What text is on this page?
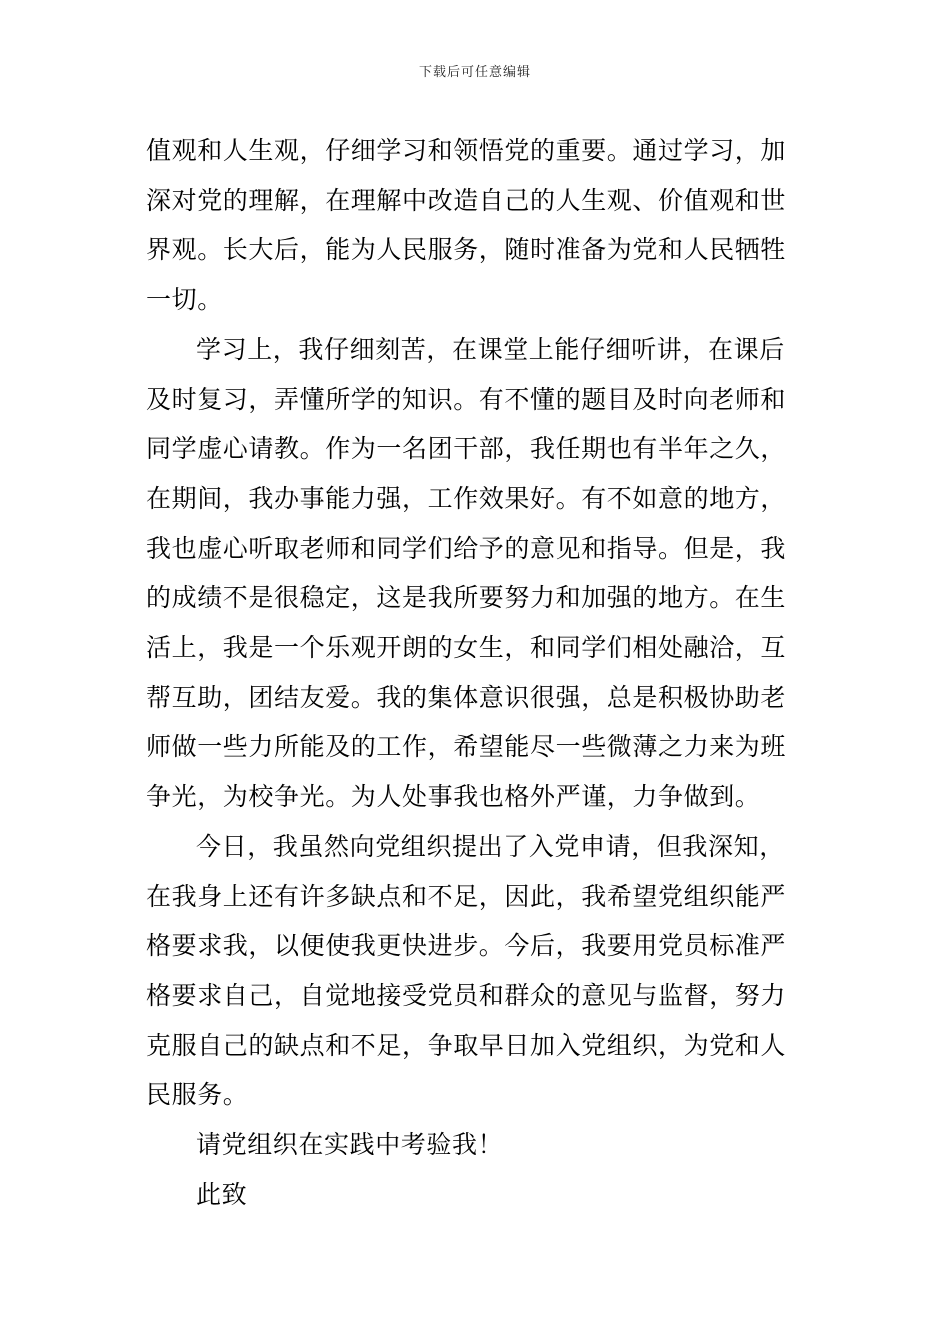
下载后可任意编辑

值观和人生观，仔细学习和领悟党的重要。通过学习，加
深对党的理解，在理解中改造自己的人生观、价值观和世
界观。长大后，能为人民服务，随时准备为党和人民牺牲
一切。

学习上，我仔细刻苦，在课堂上能仔细听讲，在课后
及时复习，弄懂所学的知识。有不懂的题目及时向老师和
同学虚心请教。作为一名团干部，我任期也有半年之久，
在期间，我办事能力强，工作效果好。有不如意的地方，
我也虚心听取老师和同学们给予的意见和指导。但是，我
的成绩不是很稳定，这是我所要努力和加强的地方。在生
活上，我是一个乐观开朗的女生，和同学们相处融洽，互
帮互助，团结友爱。我的集体意识很强，总是积极协助老
师做一些力所能及的工作，希望能尽一些微薄之力来为班
争光，为校争光。为人处事我也格外严谨，力争做到。

今日，我虽然向党组织提出了入党申请，但我深知，
在我身上还有许多缺点和不足，因此，我希望党组织能严
格要求我，以便使我更快进步。今后，我要用党员标准严
格要求自己，自觉地接受党员和群众的意见与监督，努力
克服自己的缺点和不足，争取早日加入党组织，为党和人
民服务。

请党组织在实践中考验我！

此致
